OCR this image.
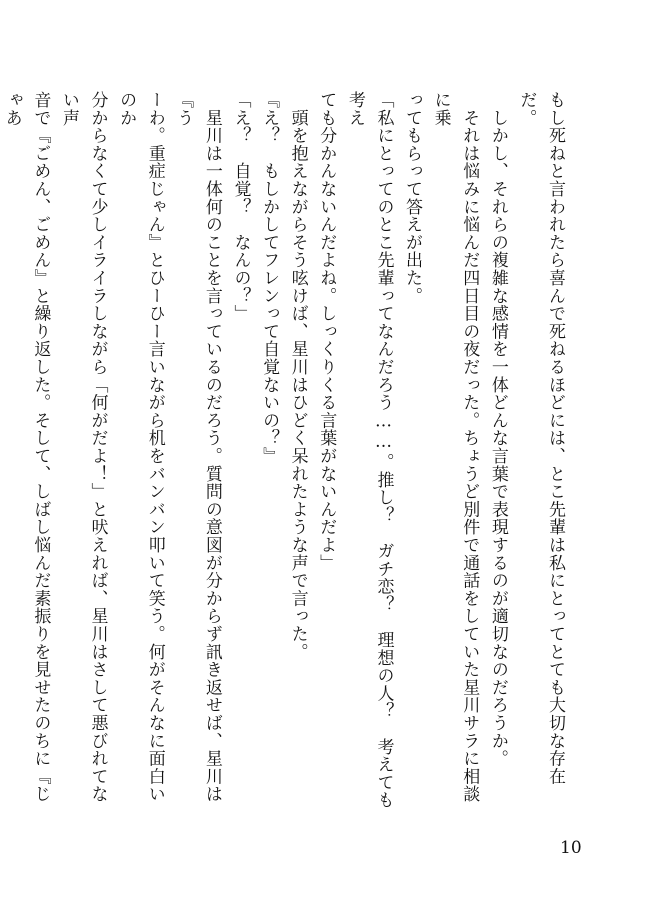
もし死ねと言われたら喜んで死ねるほどには、とこ先輩は私にとってとても大切な存在だ。

　しかし、それらの複雑な感情を一体どんな言葉で表現するのが適切なのだろうか。

　それは悩みに悩んだ四日目の夜だった。ちょうど別件で通話をしていた星川サラに相談に乗

ってもらって答えが出た。

「私にとってのとこ先輩ってなんだろう……。推し？　ガチ恋？　理想の人？　考えても考え

ても分かんないんだよね。しっくりくる言葉がないんだよ」

　頭を抱えながらそう呟けば、星川はひどく呆れたような声で言った。

『え？　もしかしてフレンって自覚ないの？』

「え？　自覚？　なんの？」

　星川は一体何のことを言っているのだろう。質問の意図が分からず訊き返せば、星川は『う

ーわ。重症じゃん』とひーひー言いながら机をバンバン叩いて笑う。何がそんなに面白いのか

分からなくて少しイライラしながら「何がだよ！」と吠えれば、星川はさして悪びれてない声

音で『ごめん、ごめん』と繰り返した。そして、しばし悩んだ素振りを見せたのちに『じゃあ

10
